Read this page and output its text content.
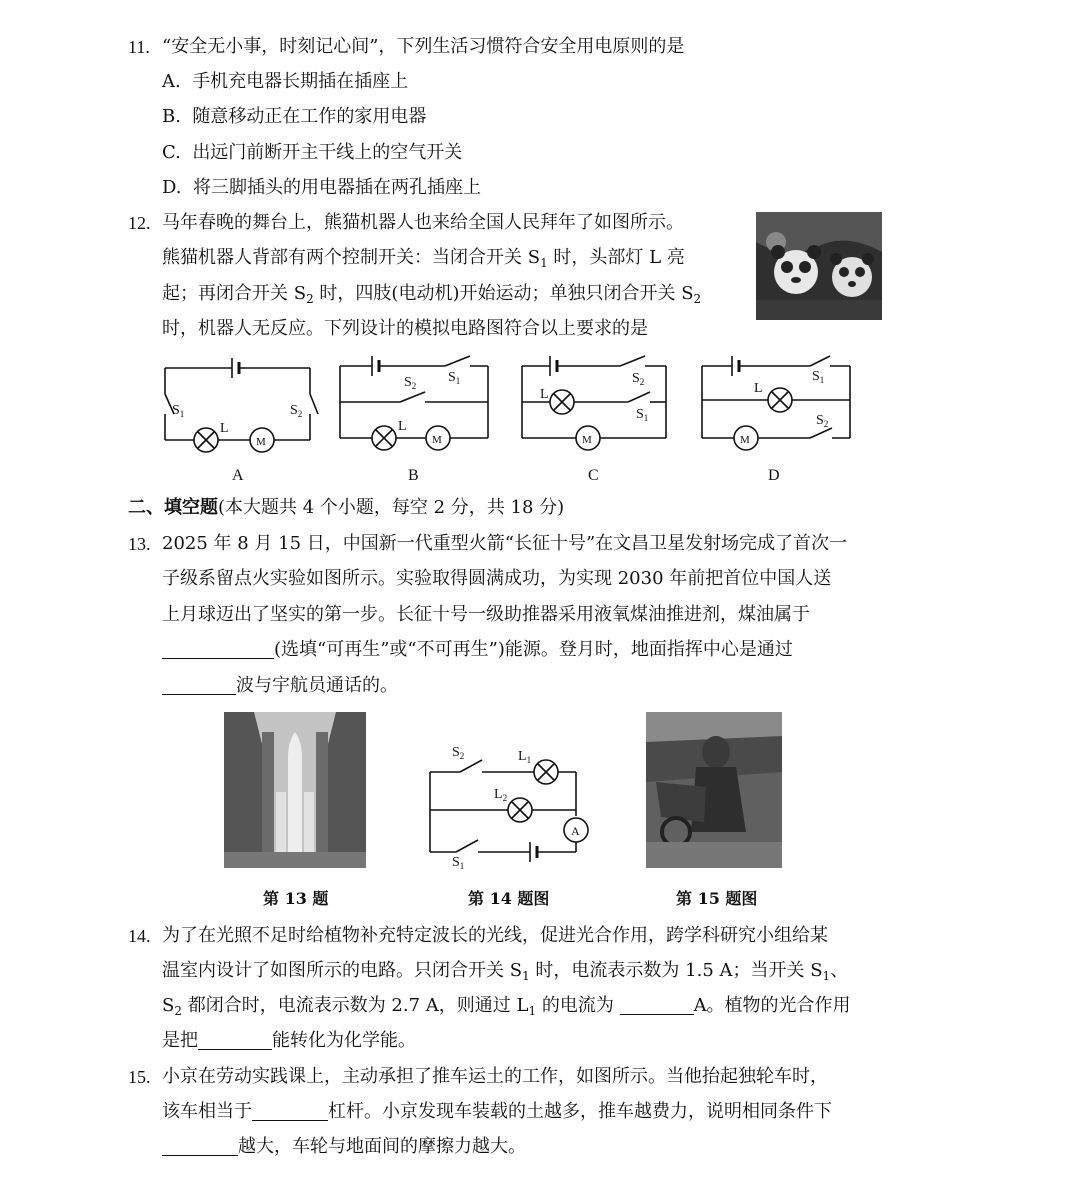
11. “安全无小事，时刻记心间”，下列生活习惯符合安全用电原则的是
A. 手机充电器长期插在插座上
B. 随意移动正在工作的家用电器
C. 出远门前断开主干线上的空气开关
D. 将三脚插头的用电器插在两孔插座上
12. 马年春晚的舞台上，熊猫机器人也来给全国人民拜年了如图所示。
熊猫机器人背部有两个控制开关：当闭合开关 $S_1$ 时，头部灯 L 亮
起；再闭合开关 $S_2$ 时，四肢(电动机)开始运动；单独只闭合开关 $S_2$
时，机器人无反应。下列设计的模拟电路图符合以上要求的是
$S_1$	$S_2$
L
M
$S_2$
$S_1$
L
M
L
$S_2$
$S_1$
M
L
$S_1$
$S_2$
M
A	B	C	D
二、填空题(本大题共 4 个小题，每空 2 分，共 18 分)
13. 2025 年 8 月 15 日，中国新一代重型火箭“长征十号”在文昌卫星发射场完成了首次一
子级系留点火实验如图所示。实验取得圆满成功，为实现 2030 年前把首位中国人送
上月球迈出了坚实的第一步。长征十号一级助推器采用液氧煤油推进剂，煤油属于
(选填“可再生”或“不可再生”)能源。登月时，地面指挥中心是通过
波与宇航员通话的。
$S_2$	$L_1$
$L_2$
A
$S_1$
第 13 题	第 14 题图	第 15 题图
14. 为了在光照不足时给植物补充特定波长的光线，促进光合作用，跨学科研究小组给某
温室内设计了如图所示的电路。只闭合开关 $S_1$ 时，电流表示数为 1.5 A；当开关 $S_1$、
$S_2$ 都闭合时，电流表示数为 2.7 A，则通过 $L_1$ 的电流为	A。植物的光合作用
是把	能转化为化学能。
15. 小京在劳动实践课上，主动承担了推车运土的工作，如图所示。当他抬起独轮车时，
该车相当于	杠杆。小京发现车装载的土越多，推车越费力，说明相同条件下
越大，车轮与地面间的摩擦力越大。
